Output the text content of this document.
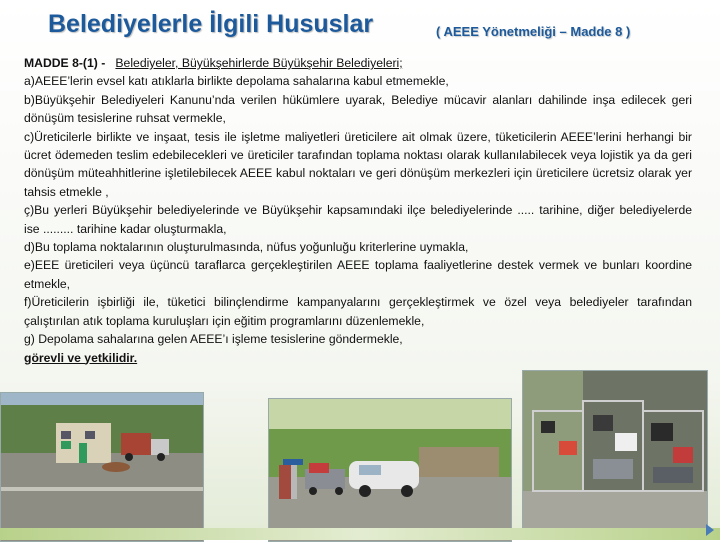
Belediyelerle İlgili Hususlar	( AEEE Yönetmeliği – Madde 8 )

MADDE 8-(1) - Belediyeler, Büyükşehirlerde Büyükşehir Belediyeleri;

a)AEEE’lerin evsel katı atıklarla birlikte depolama sahalarına kabul etmemekle,

b)Büyükşehir Belediyeleri Kanunu’nda verilen hükümlere uyarak, Belediye mücavir alanları dahilinde inşa edilecek geri dönüşüm tesislerine ruhsat vermekle,

c)Üreticilerle birlikte ve inşaat, tesis ile işletme maliyetleri üreticilere ait olmak üzere, tüketicilerin AEEE’lerini herhangi bir ücret ödemeden teslim edebilecekleri ve üreticiler tarafından toplama noktası olarak kullanılabilecek veya lojistik ya da geri dönüşüm müteahhitlerine işletilebilecek AEEE kabul noktaları ve geri dönüşüm merkezleri için üreticilere ücretsiz olarak yer tahsis etmekle ,

ç)Bu yerleri Büyükşehir belediyelerinde ve Büyükşehir kapsamındaki ilçe belediyelerinde ..... tarihine, diğer belediyelerde ise ......... tarihine kadar oluşturmakla,

d)Bu toplama noktalarının oluşturulmasında, nüfus yoğunluğu kriterlerine uymakla,

e)EEE üreticileri veya üçüncü taraflarca gerçekleştirilen AEEE toplama faaliyetlerine destek vermek ve bunları koordine etmekle,

f)Üreticilerin işbirliği ile, tüketici bilinçlendirme kampanyalarını gerçekleştirmek ve özel veya belediyeler tarafından çalıştırılan atık toplama kuruluşları için eğitim programlarını düzenlemekle,

g) Depolama sahalarına gelen AEEE’ı işleme tesislerine göndermekle,

görevli ve yetkilidir.
